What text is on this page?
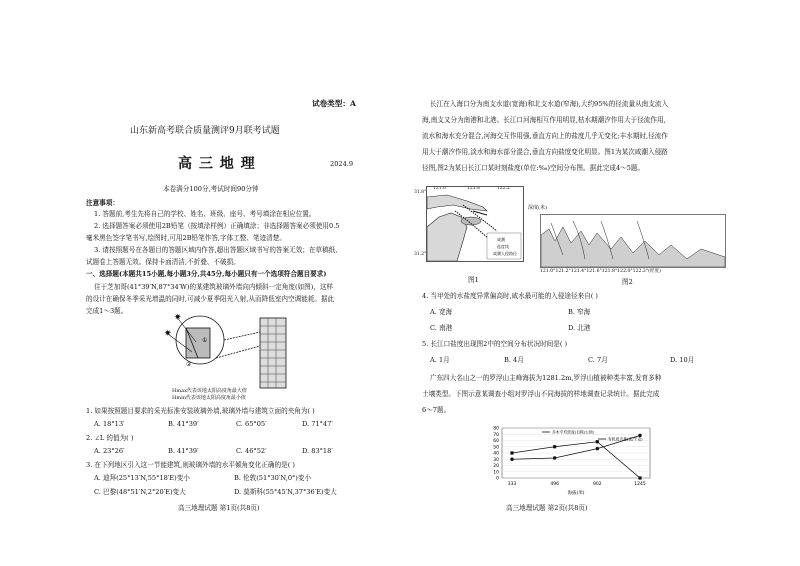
试卷类型：A
山东新高考联合质量测评9月联考试题
高 三 地 理	2024.9
本卷满分100分,考试时间90分钟
注意事项：
1. 答题前,考生先将自己的学校、姓名、班级、座号、考号填涂在相应位置。
2. 选择题答案必须使用2B铅笔（按填涂样例）正确填涂；非选择题答案必须使用0.5
毫米黑色签字笔书写,绘图时,可用2B铅笔作答,字体工整、笔迹清楚。
3. 请按照题号在各题目的答题区域内作答,超出答题区域书写的答案无效；在草稿纸、
试题卷上答题无效。保持卡面清洁,不折叠、不破损。
一、选择题(本题共15小题,每小题3分,共45分,每小题只有一个选项符合题目要求)
住于芝加哥(41°39′N,87°34′W)的某建筑玻璃外墙向内倾斜一定角度(如图)，这样
的设计在确保冬季采光增温的同时,可减少夏季阳光入射,从而降低室内空调能耗。据此
完成1～3题。
✷
✷
①
②
Hmax代表该地太阳高度角最大值
Hmin代表该地太阳高度角最小值
1. 如果按照题目要求的采光标准安装玻璃外墙,玻璃外墙与建筑立面的夹角为( )
A. 18°13′	B. 41°39′	C. 65°05′	D. 71°47′
2. ∠L 的值为( )
A. 23°26′	B. 41°39′	C. 46°52′	D. 83°18′
3. 在下列地区引入这一节能建筑,则玻璃外墙的水平倾角变化正确的是( )
A. 迪拜(25°13′N,55°18′E)变小	B. 伦敦(51°30′N,0°)变小
C. 巴黎(48°51′N,2°20′E)变大	D. 莫斯科(55°45′N,37°36′E)变大
高三地理试题 第1页(共8页)
长江在入海口分为南支水道(宽海)和北支水道(窄海),大约95%的径流量从南支流入
海,南支又分为南港和北港。长江口河海相互作用明显,枯水期潮汐作用大于径流作用,
流水和海水充分混合,河海交互作用强,垂直方向上的盐度几乎无变化;丰水期时,径流作
用大于潮汐作用,淡水和海水部分混合,垂直方向盐度变化明显。图1为某次咸潮入侵路
径图,图2为某日长江口某时刻盐度(单位:‰)空间分布图。据此完成4～5题。
121.0°	121.8°	122.2°
咸潮
盐度线
咸潮入侵路径
31.8°
31.2°
图1
深度(米)
121.0°121.2°121.4°121.6°121.8°122.0°122.2°(经度)
图2
4. 当甲处的水盐度异常偏高时,咸水最可能的入侵途径来自( )
A. 宽海	B. 窄海
C. 南港	D. 北港
5. 长江口盐度出现图2中的空间分布状况时间是( )
A. 1月	B. 4月	C. 7月	D. 10月
广东四大名山之一的罗浮山主峰海拔为1281.2m,罗浮山植被种类丰富,发育多种
土壤类型。下图示意某调查小组对罗浮山不同海拔的样地调查记录统计。据此完成
6～7题。
0
10
20
30
40
50
60
70
80
333	496	902	1245
海拔(米)
乔木平均密度(百株/公顷)
有机质含量(克/千克)
高三地理试题 第2页(共8页)
